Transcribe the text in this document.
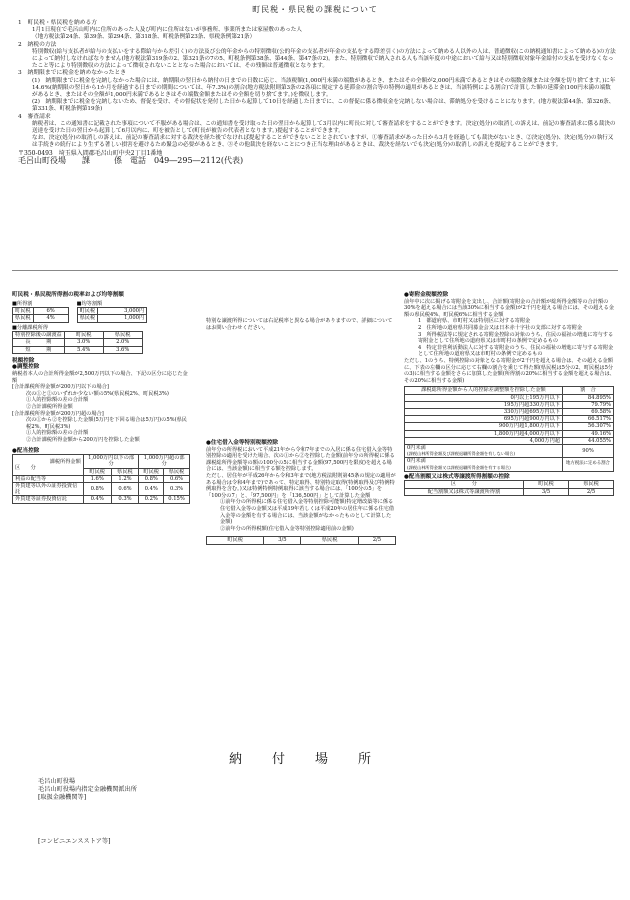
町民税・県民税の課税について

1　町民税・県民税を納める方

1月1日現在で毛呂山町内に住所のあった人及び町内に住所はないが事務所、事業所または家屋敷のあった人

（地方税法第24条、第39条、第294条、第318条、町税条例第23条、県税条例第21条）

2　納税の方法

特別徴収(給与支払者が給与の支払いをする際給与から差引く)の方法及び公的年金からの特別徴収(公的年金の支払者が年金の支払をする際差引く)の方法によって納める人以外の人は、普通徴収(この納税通知書によって納める)の方法によって納付しなければなりません(地方税法第319条の2、第321条の7の5、町税条例第38条、第44条、第47条の2)。また、特別徴収で納入される人も当該年度の中途において給与又は特別徴収対象年金給付の支払を受けなくなったこと等により特別徴収の方法によって徴収されないこととなった場合においては、その残額は普通徴収となります。

3　納期限までに税金を納めなかったとき

(1)　納期限までに税金を完納しなかった場合には、納期限の翌日から納付の日までの日数に応じ、当該税額(1,000円未満の端数があるとき、またはその全額が2,000円未満であるときはその端数金額または全額を切り捨てます。)に年14.6%(納期限の翌日から1か月を経過する日までの期間については、年7.3%)の割合(地方税法附則第3条の2各項に規定する延滞金の割合等の特例の適用があるときは、当該特例による割合)で計算した額の延滞金(100円未満の端数があるとき、またはその全額が1,000円未満であるときはその端数金額またはその全額を切り捨てます。)を徴収します。

(2)　納期限までに税金を完納しないため、督促を受け、その督促状を発付した日から起算して10日を経過した日までに、この督促に係る徴収金を完納しない場合は、滞納処分を受けることになります。(地方税法第44条、第326条、第331条、町税条例第19条)

4　審査請求

納税者は、この通知書に記載された事項について不服がある場合は、この通知書を受け取った日の翌日から起算して3月以内に町長に対して審査請求をすることができます。決定(処分)の取消しの訴えは、前記の審査請求に係る裁決の送達を受けた日の翌日から起算して6月以内に、町を被告として(町長が被告の代表者となります。)提起することができます。

なお、決定(処分)の取消しの訴えは、前記の審査請求に対する裁決を経た後でなければ提起することができないこととされていますが、①審査請求があった日から3月を経過しても裁決がないとき、②決定(処分)、決定(処分)の執行又は手続きの続行により生ずる著しい損害を避けるため緊急の必要があるとき、③その他裁決を経ないことにつき正当な理由があるときは、裁決を経ないでも決定(処分)の取消しの訴えを提起することができます。

〒350-0493　埼玉県入間郡毛呂山町中央2丁目1番地

毛呂山町役場　　課　　　係　電話　049―295―2112(代表)

町民税・県民税所得割の税率および均等割額

■所得割

町民税	6%
県民税	4%

■均等割額

町民税	3,000円
県民税	1,000円

■分離課税所得

特別控除後の譲渡益	町民税	県民税
長　　　期	3.0%	2.0%
短　　　期	5.4%	3.6%

税額控除

●調整控除

納税者本人の合計所得金額が2,500万円以下の場合、下記の区分に応じた金額

[合計課税所得金額が200万円以下の場合]

次の①と②のいずれか少ない額の5%(県民税2%、町民税3%)

①人的控除額の差の合計額

②合計課税所得金額

[合計課税所得金額が200万円超の場合]

次の①から②を控除した金額(5万円を下回る場合は5万円)の5%(県民税2%、町民税3%)

①人的控除額の差の合計額

②合計課税所得金額から200万円を控除した金額

●配当控除

課税所得金額
区　　分	1,000万円以下の部分		1,000万円超の部分	
	町民税	県民税	町民税	県民税
利益の配当等	1.6%	1.2%	0.8%	0.6%
外貨建等以外の証券投資信託	0.8%	0.6%	0.4%	0.3%
外貨建等証券投資信託	0.4%	0.3%	0.2%	0.15%

特別な譲渡所得については右記税率と異なる場合がありますので、詳細についてはお問い合わせください。

●住宅借入金等特別税額控除

前年分の所得税において平成21年から令和7年までの入居に係る住宅借入金等特別控除の適用を受けた場合、次の①から②を控除した金額(前年分の所得税に係る課税総所得金額等の額の100分の5に相当する金額(97,500円を限度)を超える場合には、当該金額)に相当する額を控除します。

ただし、居住年が平成26年から令和3年まで(地方税法附則第45条の規定の適用がある場合は令和4年まで)であって、特定取得、特別特定取得(特例取得及び特例特例取得を含む。)又は特例特例特例取得に該当する場合には、「100分の5」を「100分の7」と、「97,500円」を「136,500円」として計算した金額

①前年分の所得税に係る住宅借入金等特別控除可能額(特定増改築等に係る住宅借入金等の金額又は平成19年若しくは平成20年の居住年に係る住宅借入金等の金額を有する場合には、当該金額がなかったものとして計算した金額)

②前年分の所得税額(住宅借入金等特別控除適用前の金額)

町民税	3/5	県民税	2/5

●寄附金税額控除

前年中に次に掲げる寄附金を支出し、合計額(寄附金の合計額が総所得金額等の合計額の30%を超える場合には当該30%に相当する金額)が2千円を超える場合には、その超える金額の県民税4%、町民税6%に相当する金額

1　都道府県、市町村又は特別区に対する寄附金

2　住所地の道府県共同募金会又は日本赤十字社の支部に対する寄附金

3　所得税法等に規定される寄附金控除の対象のうち、住民の福祉の増進に寄与する寄附金として住所地の道府県又は市町村の条例で定めるもの

4　特定非営利活動法人に対する寄附金のうち、住民の福祉の増進に寄与する寄附金として住所地の道府県又は市町村の条例で定めるもの

ただし、1のうち、特例控除の対象となる寄附金が2千円を超える場合は、その超える金額に、下表の左欄の区分に応じて右欄の割合を乗じて得た額(県民税は5分の2、町民税は5分の3)に相当する金額をさらに加算した金額(所得割の20%に相当する金額を超える場合は、その20%に相当する金額)

課税総所得金額から人的控除差調整額を控除した金額	割　合
0円以上195万円以下	84.895%
195万円超330万円以下	79.79%
330万円超695万円以下	69.58%
695万円超900万円以下	66.517%
900万円超1,800万円以下	56.307%
1,800万円超4,000万円以下	49.16%
4,000万円超	44.055%

0円未満
(課税山林所得金額及び課税退職所得金額を有しない場合)	90%

0円未満
(課税山林所得金額又は課税退職所得金額を有する場合)	地方税法に定める割合

●配当割額又は株式等譲渡所得割額の控除

区　　　分	町民税	県民税
配当割額又は株式等譲渡所得割	3/5	2/5
納付場所
毛呂山町役場
毛呂山町役場内指定金融機関派出所
[取扱金融機関等]
[コンビニエンスストア等]
